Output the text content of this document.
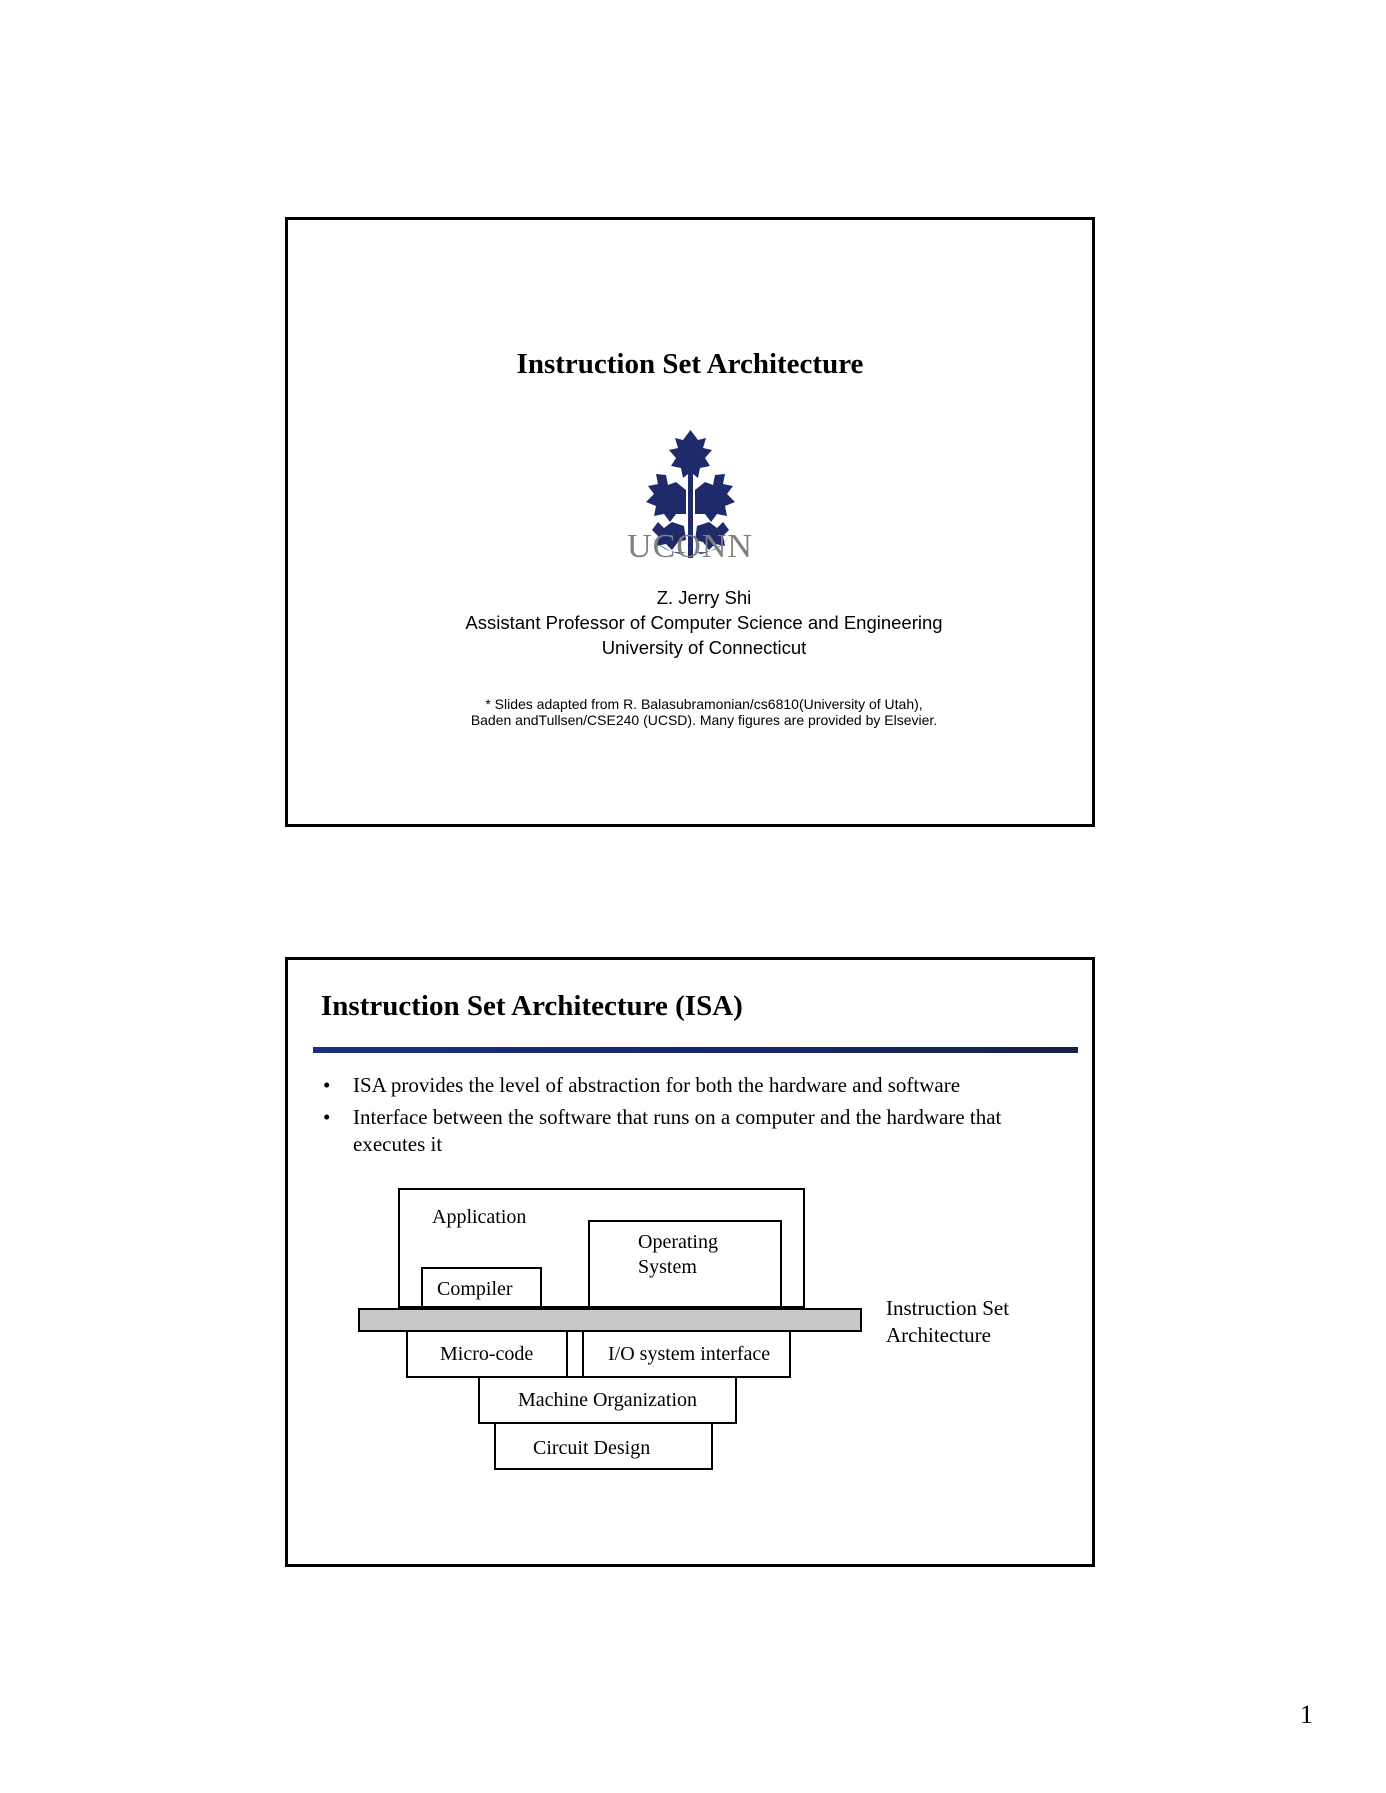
Instruction Set Architecture
UCONN
Z. Jerry Shi
Assistant Professor of Computer Science and Engineering
University of Connecticut
* Slides adapted from R. Balasubramonian/cs6810(University of Utah),
Baden andTullsen/CSE240 (UCSD). Many figures are provided by Elsevier.
Instruction Set Architecture (ISA)
• ISA provides the level of abstraction for both the hardware and software
• Interface between the software that runs on a computer and the hardware that executes it
Application
Operating
System
Compiler
Micro-code	I/O system interface
Machine Organization
Circuit Design
Instruction Set
Architecture
1
